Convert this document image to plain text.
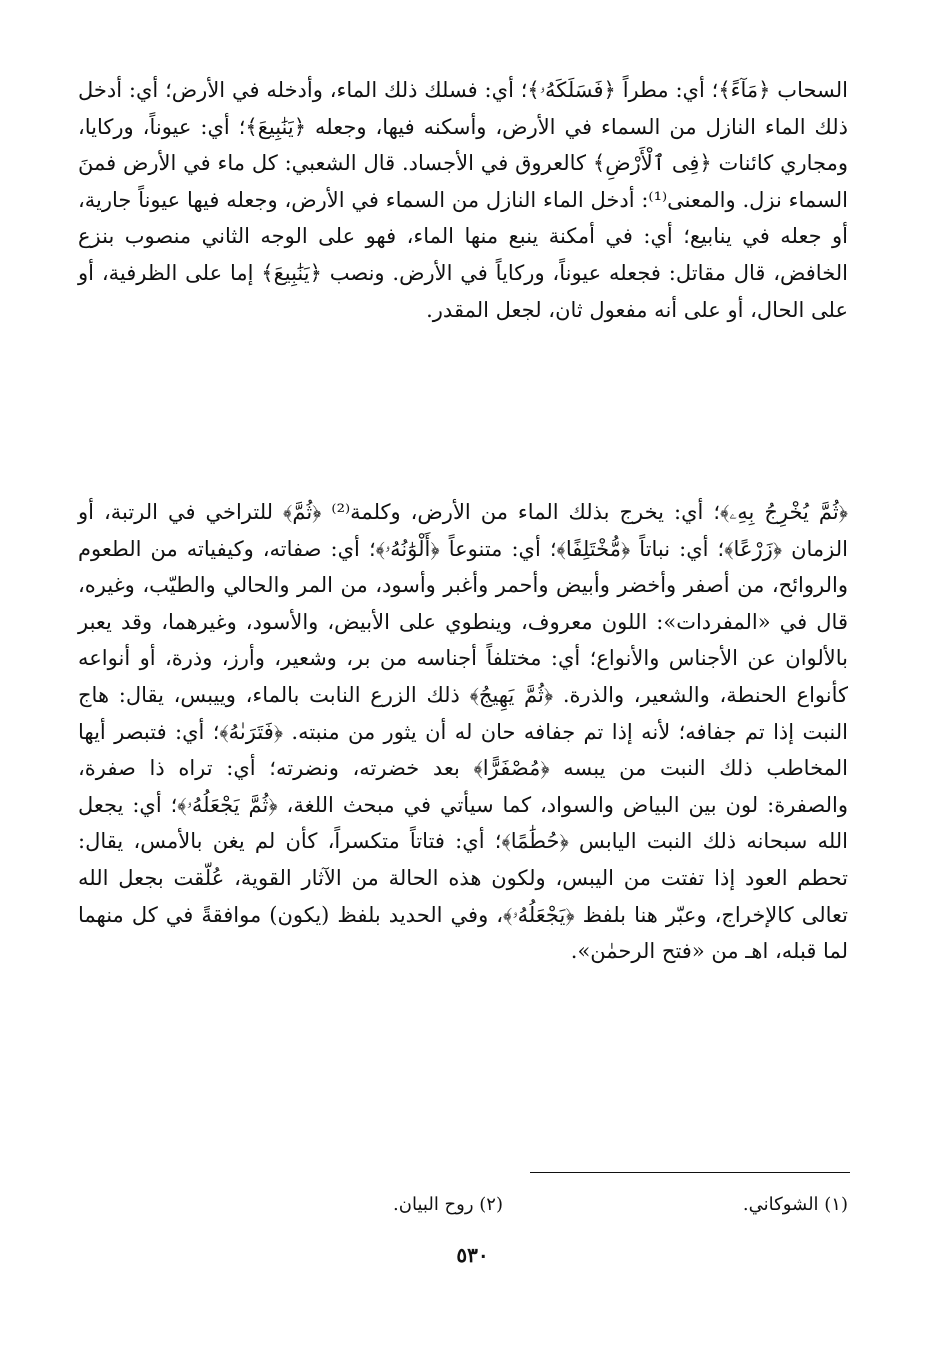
السحاب ﴿مَآءً﴾؛ أي: مطراً ﴿فَسَلَكَهُۥ﴾؛ أي: فسلك ذلك الماء، وأدخله في الأرض؛ أي: أدخل ذلك الماء النازل من السماء في الأرض، وأسكنه فيها، وجعله ﴿يَنَٰبِيعَ﴾؛ أي: عيوناً، وركايا، ومجاري كائنات ﴿فِى ٱلْأَرْضِ﴾ كالعروق في الأجساد. قال الشعبي: كل ماء في الأرض فمنَ السماء نزل. والمعنى⁽¹⁾: أدخل الماء النازل من السماء في الأرض، وجعله فيها عيوناً جارية، أو جعله في ينابيع؛ أي: في أمكنة ينبع منها الماء، فهو على الوجه الثاني منصوب بنزع الخافض، قال مقاتل: فجعله عيوناً، وركاياً في الأرض. ونصب ﴿يَنَٰبِيعَ﴾ إما على الظرفية، أو على الحال، أو على أنه مفعول ثان، لجعل المقدر.

﴿ثُمَّ يُخْرِجُ بِهِۦ﴾؛ أي: يخرج بذلك الماء من الأرض، وكلمة⁽²⁾ ﴿ثُمَّ﴾ للتراخي في الرتبة، أو الزمان ﴿زَرْعًا﴾؛ أي: نباتاً ﴿مُّخْتَلِفًا﴾؛ أي: متنوعاً ﴿أَلْوَٰنُهُۥ﴾؛ أي: صفاته، وكيفياته من الطعوم والروائح، من أصفر وأخضر وأبيض وأحمر وأغبر وأسود، من المر والحالي والطيّب، وغيره، قال في «المفردات»: اللون معروف، وينطوي على الأبيض، والأسود، وغيرهما، وقد يعبر بالألوان عن الأجناس والأنواع؛ أي: مختلفاً أجناسه من بر، وشعير، وأرز، وذرة، أو أنواعه كأنواع الحنطة، والشعير، والذرة. ﴿ثُمَّ يَهِيجُ﴾ ذلك الزرع النابت بالماء، وييبس، يقال: هاج النبت إذا تم جفافه؛ لأنه إذا تم جفافه حان له أن يثور من منبته. ﴿فَتَرَىٰهُ﴾؛ أي: فتبصر أيها المخاطب ذلك النبت من يبسه ﴿مُصْفَرًّا﴾ بعد خضرته، ونضرته؛ أي: تراه ذا صفرة، والصفرة: لون بين البياض والسواد، كما سيأتي في مبحث اللغة، ﴿ثُمَّ يَجْعَلُهُۥ﴾؛ أي: يجعل الله سبحانه ذلك النبت اليابس ﴿حُطَٰمًا﴾؛ أي: فتاتاً متكسراً، كأن لم يغن بالأمس، يقال: تحطم العود إذا تفتت من اليبس، ولكون هذه الحالة من الآثار القوية، عُلّقت بجعل الله تعالى كالإخراج، وعبّر هنا بلفظ ﴿يَجْعَلُهُۥ﴾، وفي الحديد بلفظ (يكون) موافقةً في كل منهما لما قبله، اهـ من «فتح الرحمٰن».

(١) الشوكاني.
(٢) روح البيان.
٥٣٠
